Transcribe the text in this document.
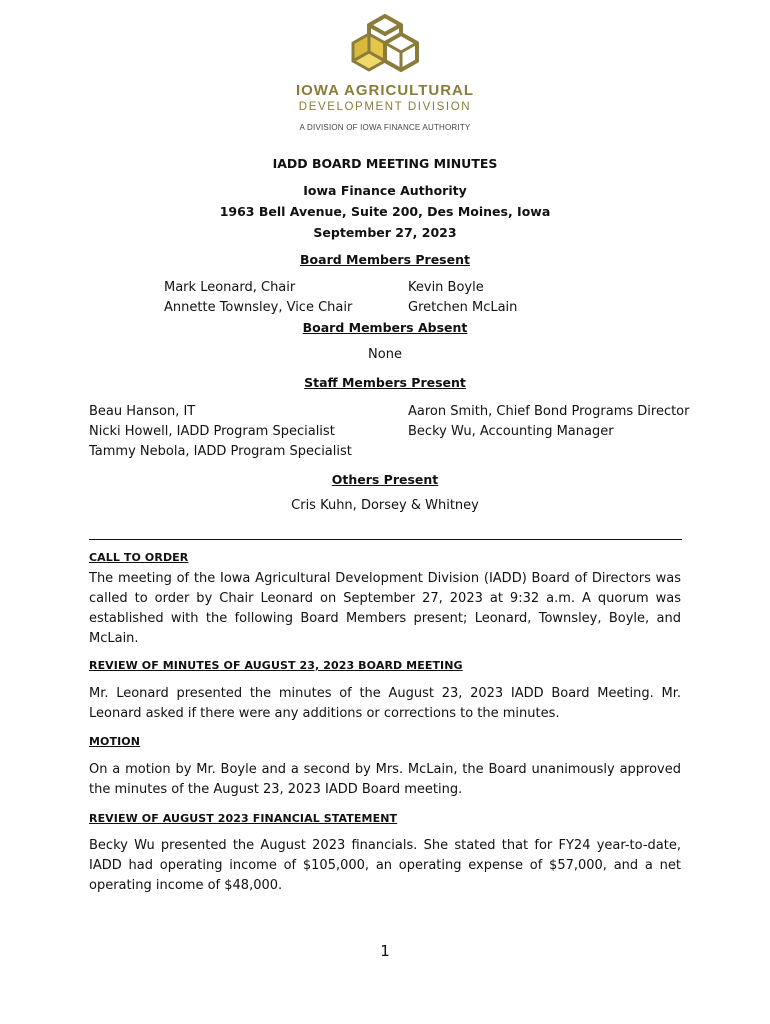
IOWA AGRICULTURAL
DEVELOPMENT DIVISION
A DIVISION OF IOWA FINANCE AUTHORITY
IADD BOARD MEETING MINUTES
Iowa Finance Authority
1963 Bell Avenue, Suite 200, Des Moines, Iowa
September 27, 2023
Board Members Present
Mark Leonard, Chair
Annette Townsley, Vice Chair
Kevin Boyle
Gretchen McLain
Board Members Absent
None
Staff Members Present
Beau Hanson, IT
Nicki Howell, IADD Program Specialist
Tammy Nebola, IADD Program Specialist
Aaron Smith, Chief Bond Programs Director
Becky Wu, Accounting Manager
Others Present
Cris Kuhn, Dorsey & Whitney
CALL TO ORDER
The meeting of the Iowa Agricultural Development Division (IADD) Board of Directors was called to order by Chair Leonard on September 27, 2023 at 9:32 a.m. A quorum was established with the following Board Members present; Leonard, Townsley, Boyle, and McLain.
REVIEW OF MINUTES OF AUGUST 23, 2023 BOARD MEETING
Mr. Leonard presented the minutes of the August 23, 2023 IADD Board Meeting. Mr. Leonard asked if there were any additions or corrections to the minutes.
MOTION
On a motion by Mr. Boyle and a second by Mrs. McLain, the Board unanimously approved the minutes of the August 23, 2023 IADD Board meeting.
REVIEW OF AUGUST 2023 FINANCIAL STATEMENT
Becky Wu presented the August 2023 financials. She stated that for FY24 year-to-date, IADD had operating income of $105,000, an operating expense of $57,000, and a net operating income of $48,000.
1
